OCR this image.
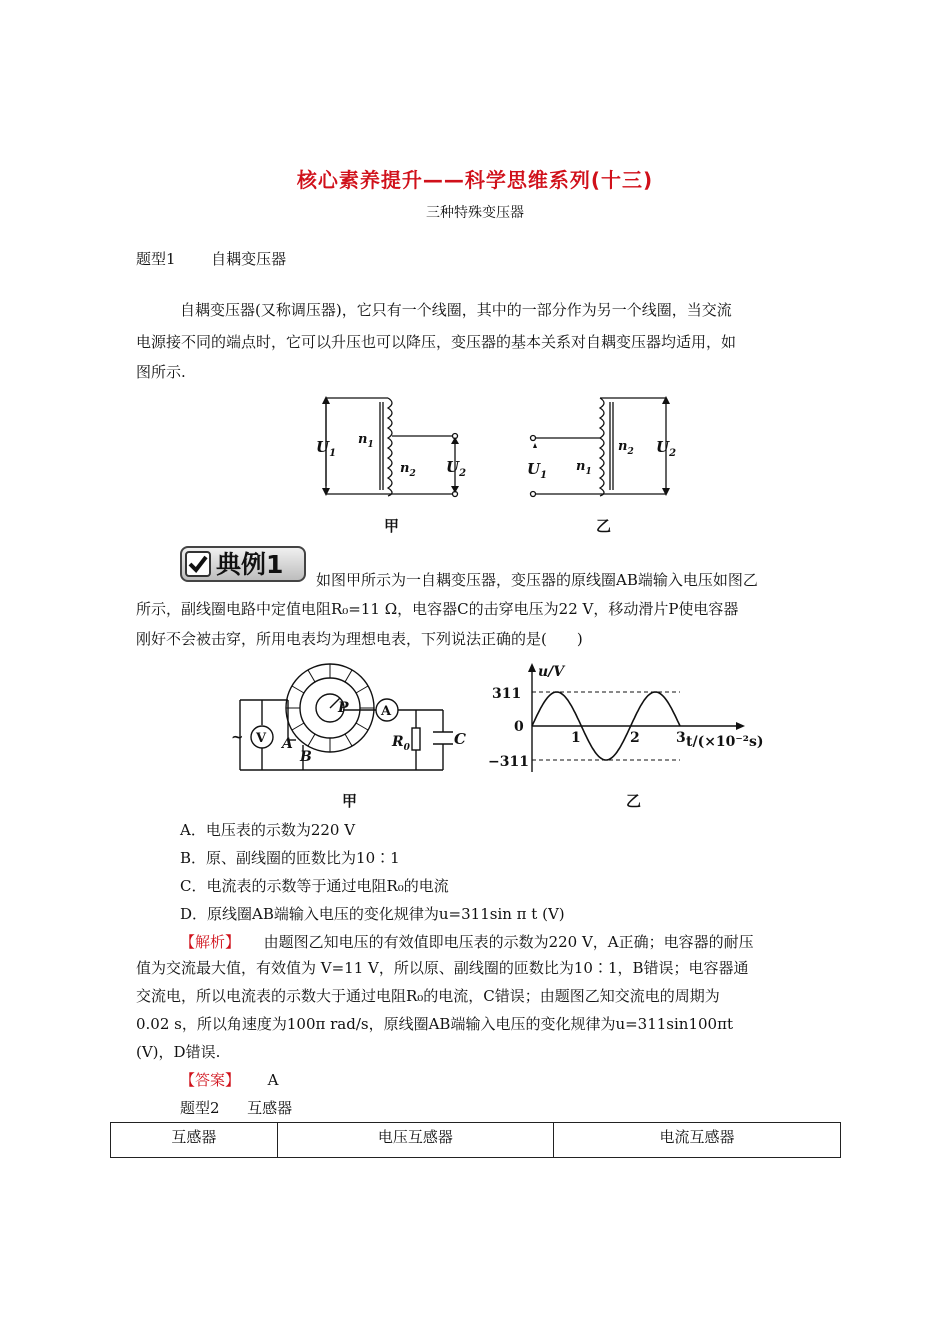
核心素养提升——科学思维系列(十三)
三种特殊变压器
题型1 自耦变压器
自耦变压器(又称调压器)，它只有一个线圈，其中的一部分作为另一个线圈，当交流
电源接不同的端点时，它可以升压也可以降压，变压器的基本关系对自耦变压器均适用，如
图所示.
$U_1$
$n_1$
$n_2$ $U_2$	$U_1$
$n_1$
$n_2$ $U_2$
甲	乙
典例1
如图甲所示为一自耦变压器，变压器的原线圈AB端输入电压如图乙
所示，副线圈电路中定值电阻R₀=11 Ω，电容器C的击穿电压为22 V，移动滑片P使电容器
刚好不会被击穿，所用电表均为理想电表，下列说法正确的是(　　)
V
A
P
A
B
$R_0$	C
~
u/V
311
0
−311
1	2	3 t/(×10⁻²s)
甲	乙
A．电压表的示数为220 V
B．原、副线圈的匝数比为10∶1
C．电流表的示数等于通过电阻R₀的电流
D．原线圈AB端输入电压的变化规律为u=311sin π t (V)
【解析】 由题图乙知电压的有效值即电压表的示数为220 V，A正确；电容器的耐压
值为交流最大值，有效值为 V=11 V，所以原、副线圈的匝数比为10∶1，B错误；电容器通
交流电，所以电流表的示数大于通过电阻R₀的电流，C错误；由题图乙知交流电的周期为
0.02 s，所以角速度为100π rad/s，原线圈AB端输入电压的变化规律为u=311sin100πt
(V)，D错误.
【答案】 A
题型2 互感器
互感器	电压互感器	电流互感器
